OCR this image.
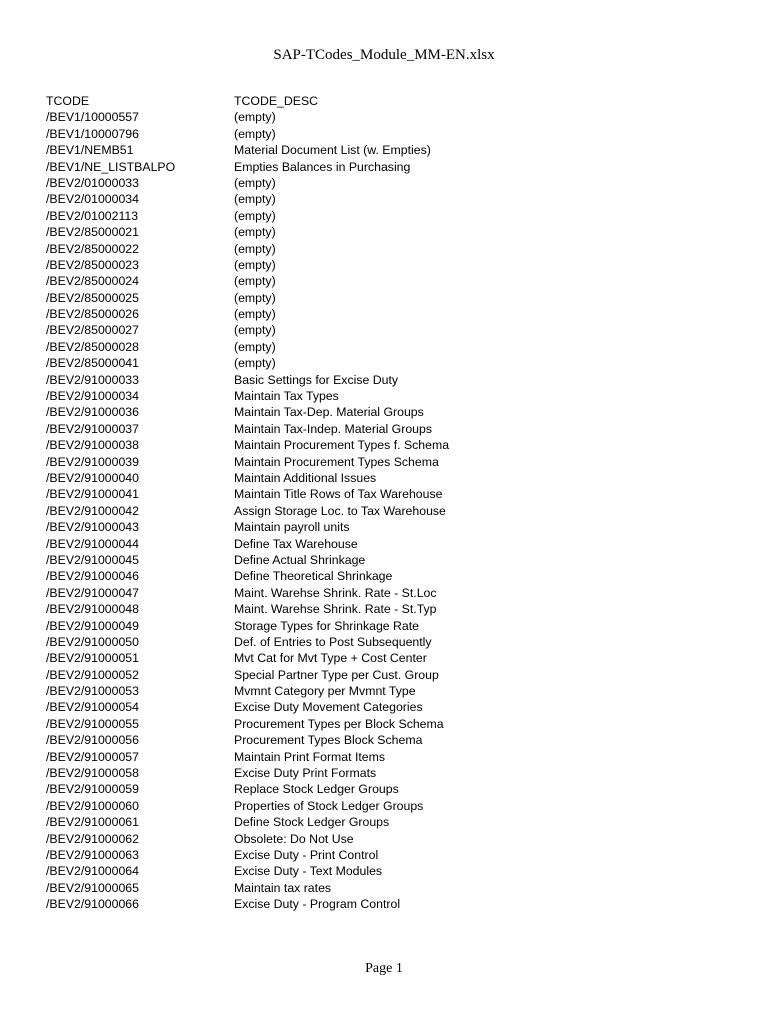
SAP-TCodes_Module_MM-EN.xlsx
TCODE	TCODE_DESC
/BEV1/10000557	(empty)
/BEV1/10000796	(empty)
/BEV1/NEMB51	Material Document List (w. Empties)
/BEV1/NE_LISTBALPO	Empties Balances in Purchasing
/BEV2/01000033	(empty)
/BEV2/01000034	(empty)
/BEV2/01002113	(empty)
/BEV2/85000021	(empty)
/BEV2/85000022	(empty)
/BEV2/85000023	(empty)
/BEV2/85000024	(empty)
/BEV2/85000025	(empty)
/BEV2/85000026	(empty)
/BEV2/85000027	(empty)
/BEV2/85000028	(empty)
/BEV2/85000041	(empty)
/BEV2/91000033	Basic Settings for Excise Duty
/BEV2/91000034	Maintain Tax Types
/BEV2/91000036	Maintain Tax-Dep. Material Groups
/BEV2/91000037	Maintain Tax-Indep. Material Groups
/BEV2/91000038	Maintain Procurement Types f. Schema
/BEV2/91000039	Maintain Procurement Types Schema
/BEV2/91000040	Maintain Additional Issues
/BEV2/91000041	Maintain Title Rows of Tax Warehouse
/BEV2/91000042	Assign Storage Loc. to Tax Warehouse
/BEV2/91000043	Maintain payroll units
/BEV2/91000044	Define Tax Warehouse
/BEV2/91000045	Define Actual Shrinkage
/BEV2/91000046	Define Theoretical Shrinkage
/BEV2/91000047	Maint. Warehse Shrink. Rate - St.Loc
/BEV2/91000048	Maint. Warehse Shrink. Rate - St.Typ
/BEV2/91000049	Storage Types for Shrinkage Rate
/BEV2/91000050	Def. of Entries to Post Subsequently
/BEV2/91000051	Mvt Cat for Mvt Type + Cost Center
/BEV2/91000052	Special Partner Type per Cust. Group
/BEV2/91000053	Mvmnt Category per Mvmnt Type
/BEV2/91000054	Excise Duty Movement Categories
/BEV2/91000055	Procurement Types per Block Schema
/BEV2/91000056	Procurement Types Block Schema
/BEV2/91000057	Maintain Print Format Items
/BEV2/91000058	Excise Duty Print Formats
/BEV2/91000059	Replace Stock Ledger Groups
/BEV2/91000060	Properties of Stock Ledger Groups
/BEV2/91000061	Define Stock Ledger Groups
/BEV2/91000062	Obsolete: Do Not Use
/BEV2/91000063	Excise Duty - Print Control
/BEV2/91000064	Excise Duty - Text Modules
/BEV2/91000065	Maintain tax rates
/BEV2/91000066	Excise Duty - Program Control
Page 1
